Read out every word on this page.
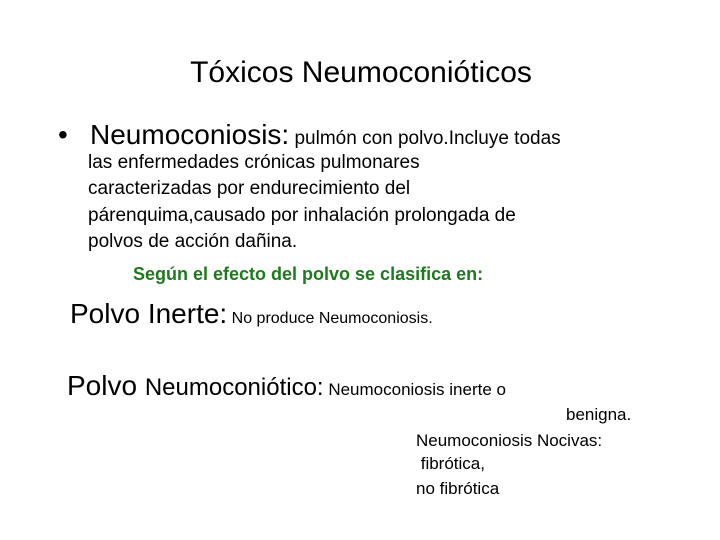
Tóxicos Neumoconióticos
• Neumoconiosis: pulmón con polvo.Incluye todas
las enfermedades crónicas pulmonares
caracterizadas por endurecimiento del
párenquima,causado por inhalación prolongada de
polvos de acción dañina.
Según el efecto del polvo se clasifica en:
Polvo Inerte: No produce Neumoconiosis.
Polvo Neumoconiótico: Neumoconiosis inerte o
benigna.
Neumoconiosis Nocivas:
fibrótica,
no fibrótica
